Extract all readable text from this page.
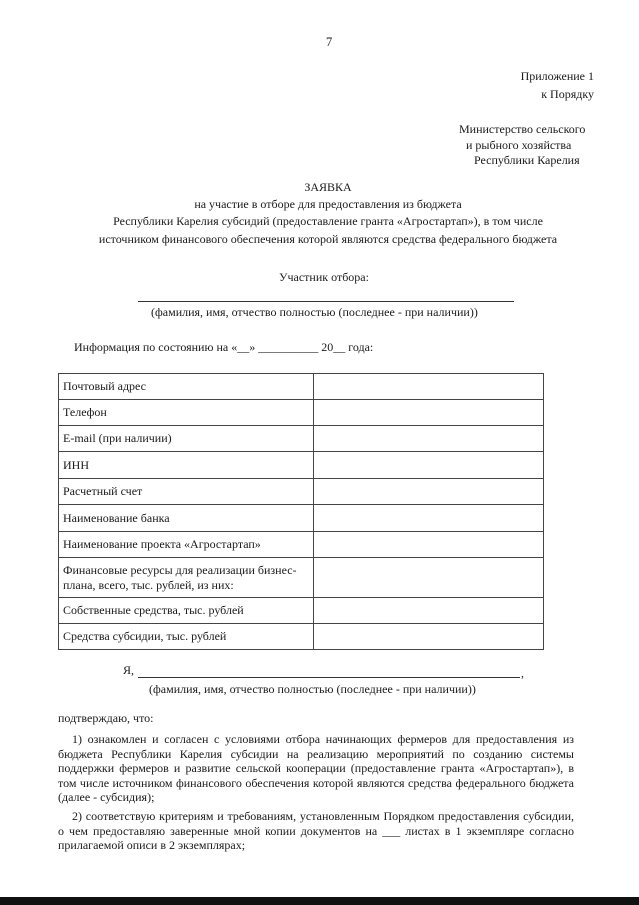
7
Приложение 1
к Порядку
Министерство сельского
и рыбного хозяйства
Республики Карелия
ЗАЯВКА
на участие в отборе для предоставления из бюджета
Республики Карелия субсидий (предоставление гранта «Агростартап»), в том числе
источником финансового обеспечения которой являются средства федерального бюджета
Участник отбора:
(фамилия, имя, отчество полностью (последнее - при наличии))
Информация по состоянию на «__» __________ 20__ года:
Почтовый адрес	
Телефон	
E-mail (при наличии)	
ИНН	
Расчетный счет	
Наименование банка	
Наименование проекта «Агростартап»	
Финансовые ресурсы для реализации бизнес-плана, всего, тыс. рублей, из них:	
Собственные средства, тыс. рублей	
Средства субсидии, тыс. рублей	
Я,	,
(фамилия, имя, отчество полностью (последнее - при наличии))
подтверждаю, что:
1) ознакомлен и согласен с условиями отбора начинающих фермеров для предоставления из бюджета Республики Карелия субсидии на реализацию мероприятий по созданию системы поддержки фермеров и развитие сельской кооперации (предоставление гранта «Агростартап»), в том числе источником финансового обеспечения которой являются средства федерального бюджета (далее - субсидия);
2) соответствую критериям и требованиям, установленным Порядком предоставления субсидии, о чем предоставляю заверенные мной копии документов на ___ листах в 1 экземпляре согласно прилагаемой описи в 2 экземплярах;
